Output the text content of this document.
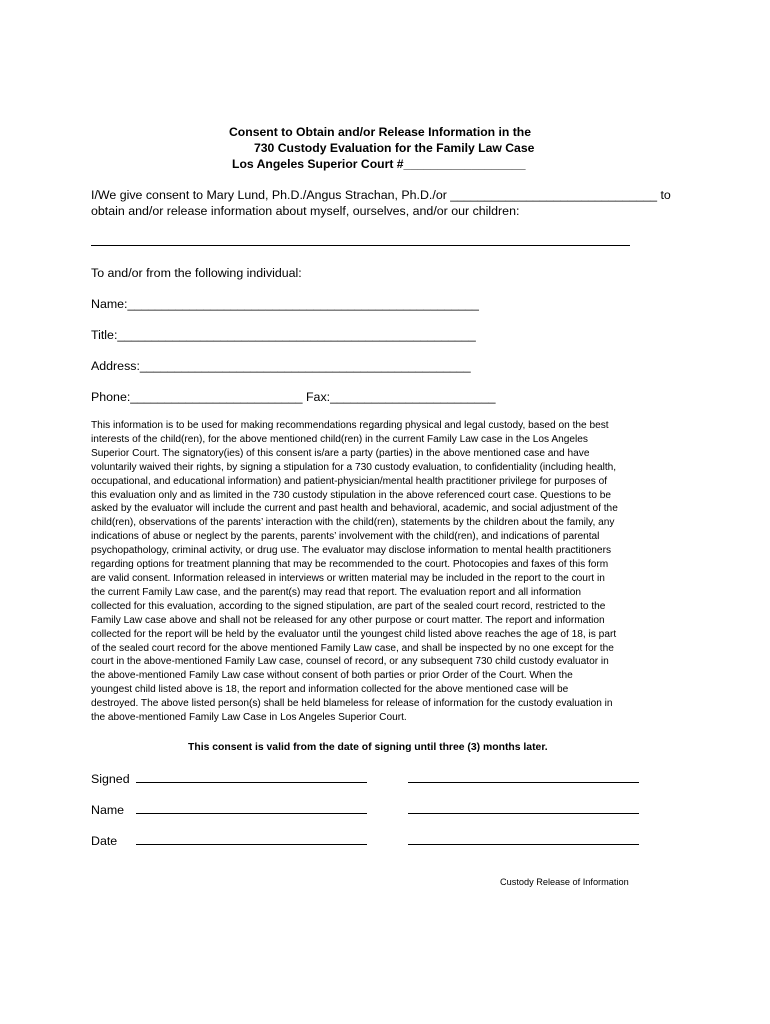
Consent to Obtain and/or Release Information in the
730 Custody Evaluation for the Family Law Case
Los Angeles Superior Court #__________________
I/We give consent to Mary Lund, Ph.D./Angus Strachan, Ph.D./or ______________________________ to
obtain and/or release information about myself, ourselves, and/or our children:
To and/or from the following individual:
Name:___________________________________________________
Title:____________________________________________________
Address:________________________________________________
Phone:_________________________ Fax:________________________
This information is to be used for making recommendations regarding physical and legal custody, based on the best
interests of the child(ren), for the above mentioned child(ren) in the current Family Law case in the Los Angeles
Superior Court. The signatory(ies) of this consent is/are a party (parties) in the above mentioned case and have
voluntarily waived their rights, by signing a stipulation for a 730 custody evaluation, to confidentiality (including health,
occupational, and educational information) and patient-physician/mental health practitioner privilege for purposes of
this evaluation only and as limited in the 730 custody stipulation in the above referenced court case. Questions to be
asked by the evaluator will include the current and past health and behavioral, academic, and social adjustment of the
child(ren), observations of the parents’ interaction with the child(ren), statements by the children about the family, any
indications of abuse or neglect by the parents, parents’ involvement with the child(ren), and indications of parental
psychopathology, criminal activity, or drug use. The evaluator may disclose information to mental health practitioners
regarding options for treatment planning that may be recommended to the court. Photocopies and faxes of this form
are valid consent. Information released in interviews or written material may be included in the report to the court in
the current Family Law case, and the parent(s) may read that report. The evaluation report and all information
collected for this evaluation, according to the signed stipulation, are part of the sealed court record, restricted to the
Family Law case above and shall not be released for any other purpose or court matter. The report and information
collected for the report will be held by the evaluator until the youngest child listed above reaches the age of 18, is part
of the sealed court record for the above mentioned Family Law case, and shall be inspected by no one except for the
court in the above-mentioned Family Law case, counsel of record, or any subsequent 730 child custody evaluator in
the above-mentioned Family Law case without consent of both parties or prior Order of the Court. When the
youngest child listed above is 18, the report and information collected for the above mentioned case will be
destroyed. The above listed person(s) shall be held blameless for release of information for the custody evaluation in
the above-mentioned Family Law Case in Los Angeles Superior Court.
This consent is valid from the date of signing until three (3) months later.
Signed
Name
Date
Custody Release of Information
